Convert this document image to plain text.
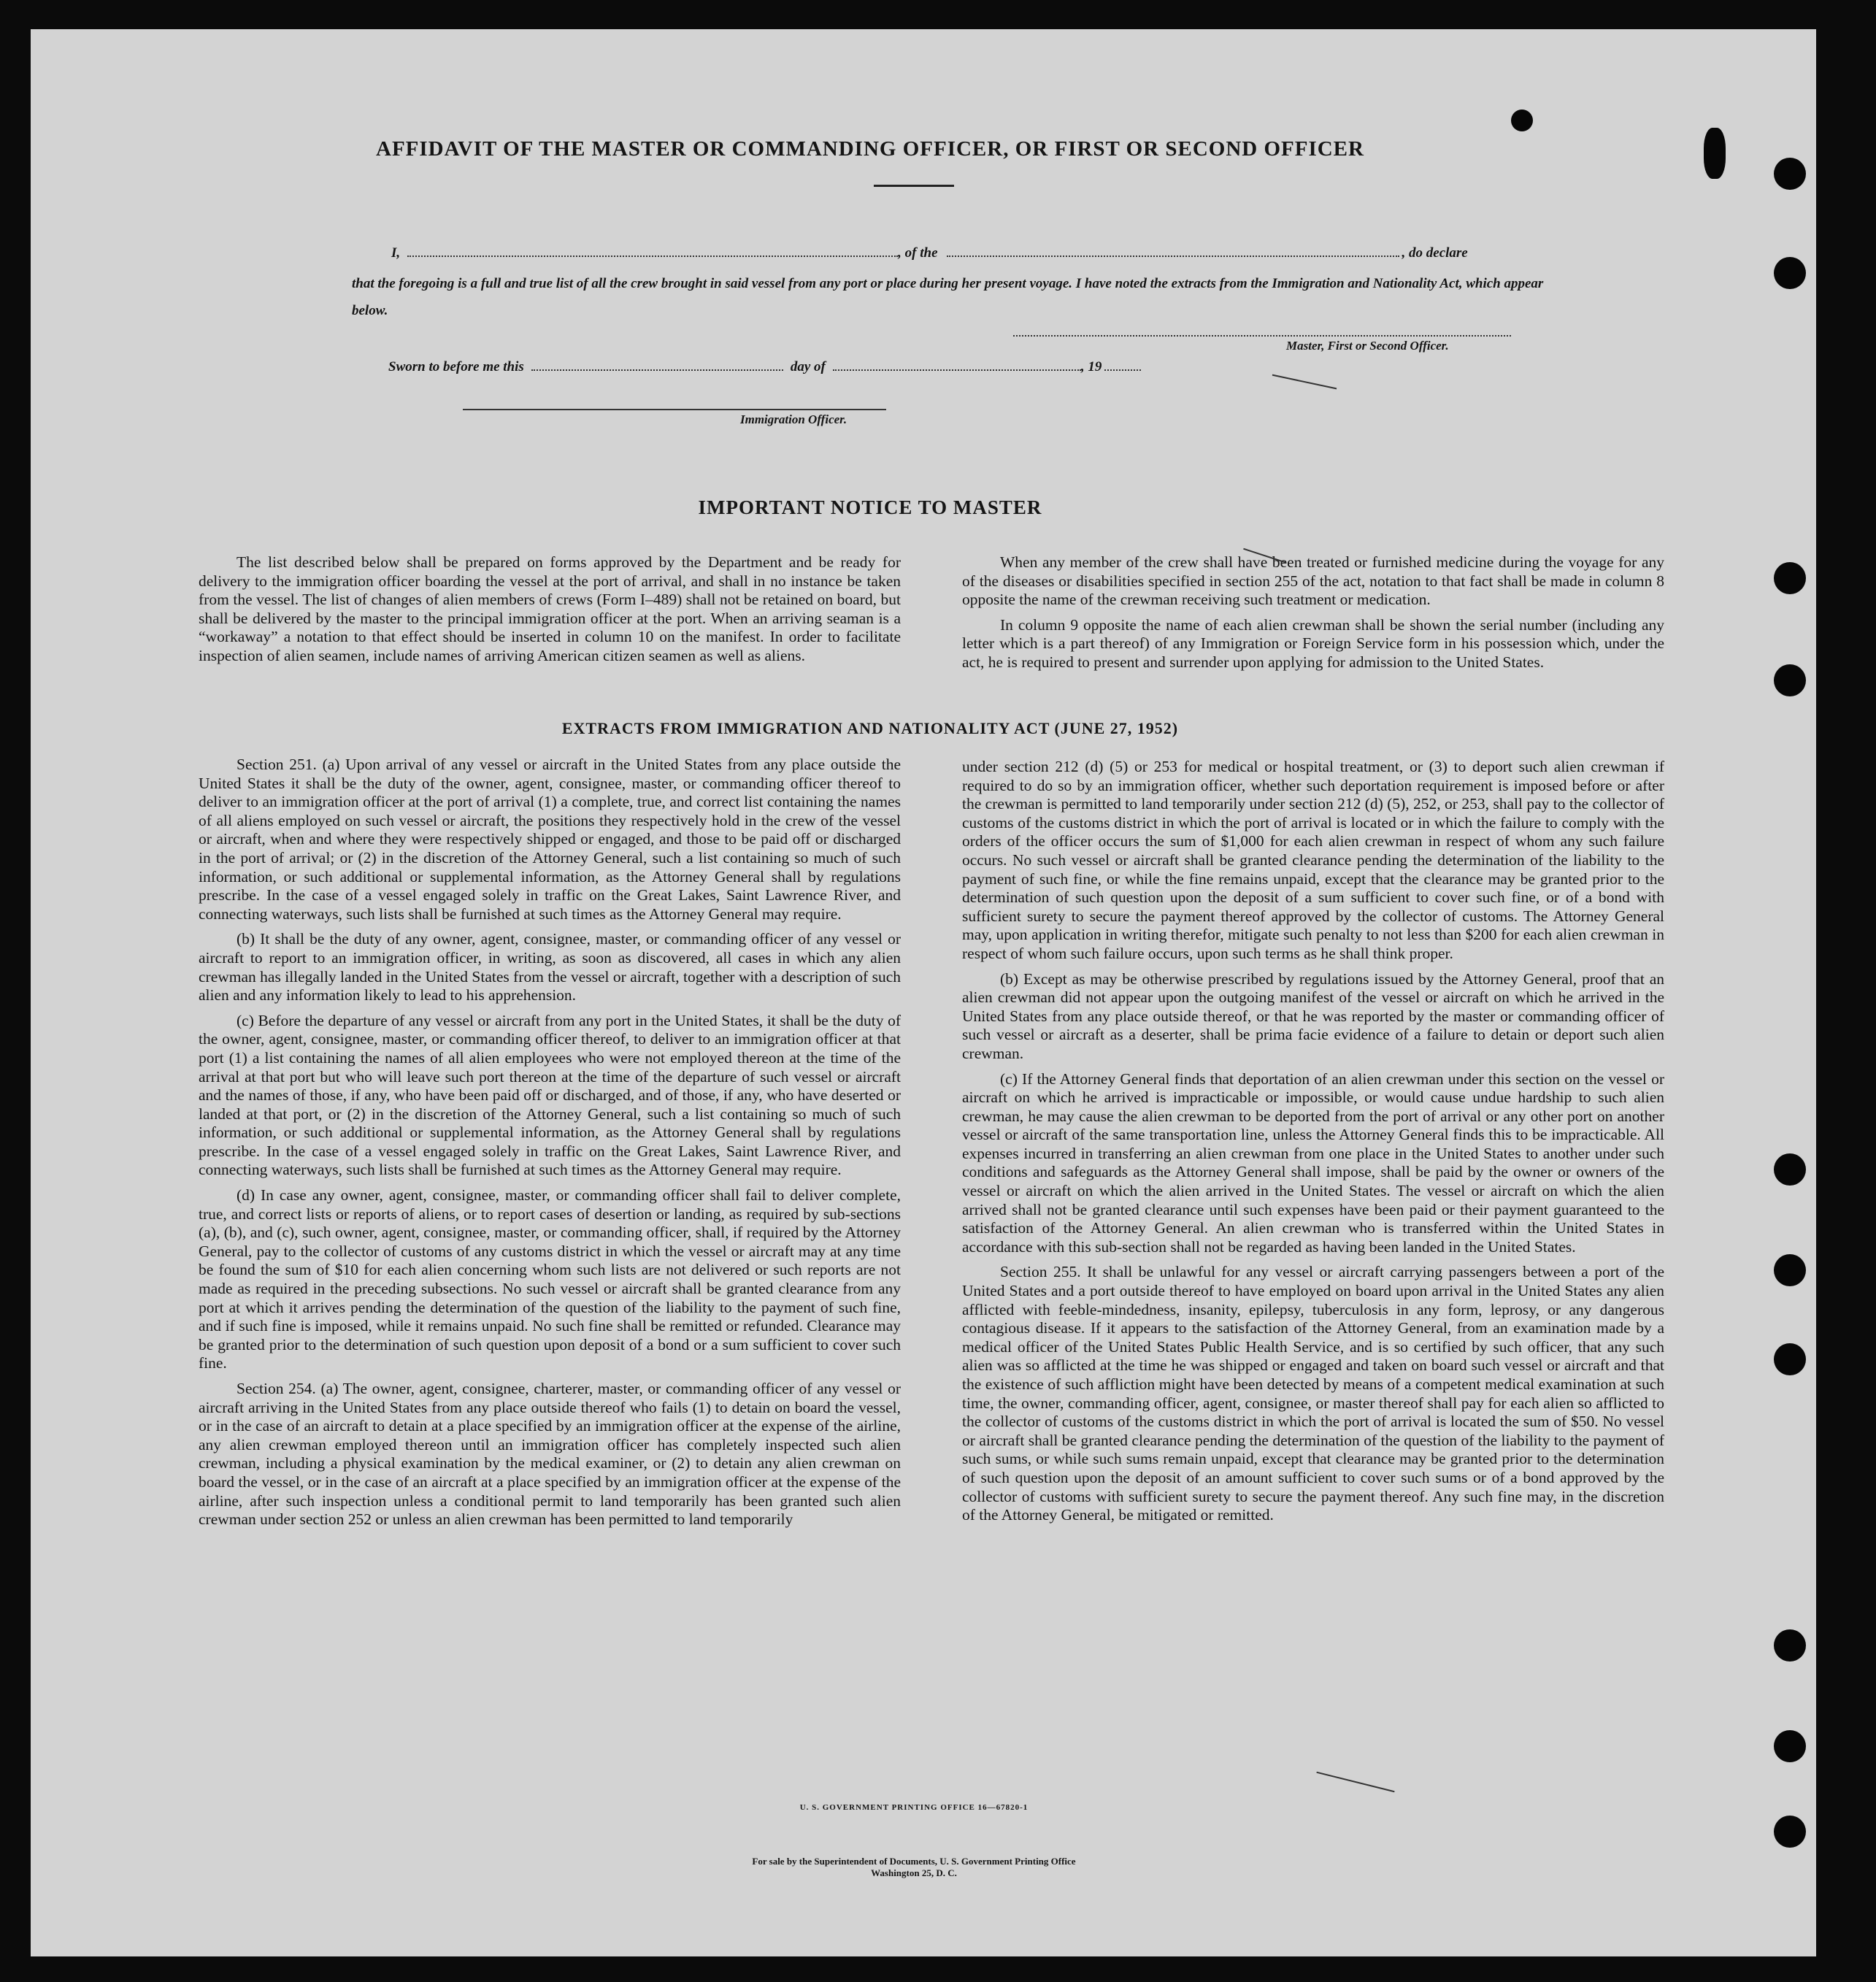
AFFIDAVIT OF THE MASTER OR COMMANDING OFFICER, OR FIRST OR SECOND OFFICER
I,	, of the	, do declare
that the foregoing is a full and true list of all the crew brought in said vessel from any port or place during her present voyage. I have noted the extracts from the Immigration and Nationality Act, which appear below.
Master, First or Second Officer.
Sworn to before me this	day of	, 19
Immigration Officer.
IMPORTANT NOTICE TO MASTER

The list described below shall be prepared on forms approved by the Department and be ready for delivery to the immigration officer boarding the vessel at the port of arrival, and shall in no instance be taken from the vessel. The list of changes of alien members of crews (Form I–489) shall not be retained on board, but shall be delivered by the master to the principal immigration officer at the port. When an arriving seaman is a “workaway” a notation to that effect should be inserted in column 10 on the manifest. In order to facilitate inspection of alien seamen, include names of arriving American citizen seamen as well as aliens.

When any member of the crew shall have been treated or furnished medicine during the voyage for any of the diseases or disabilities specified in section 255 of the act, notation to that fact shall be made in column 8 opposite the name of the crewman receiving such treatment or medication.

In column 9 opposite the name of each alien crewman shall be shown the serial number (including any letter which is a part thereof) of any Immigration or Foreign Service form in his possession which, under the act, he is required to present and surrender upon applying for admission to the United States.

EXTRACTS FROM IMMIGRATION AND NATIONALITY ACT (JUNE 27, 1952)

Section 251. (a) Upon arrival of any vessel or aircraft in the United States from any place outside the United States it shall be the duty of the owner, agent, consignee, master, or commanding officer thereof to deliver to an immigration officer at the port of arrival (1) a complete, true, and correct list containing the names of all aliens employed on such vessel or aircraft, the positions they respectively hold in the crew of the vessel or aircraft, when and where they were respectively shipped or engaged, and those to be paid off or discharged in the port of arrival; or (2) in the discretion of the Attorney General, such a list containing so much of such information, or such additional or supplemental information, as the Attorney General shall by regulations prescribe. In the case of a vessel engaged solely in traffic on the Great Lakes, Saint Lawrence River, and connecting waterways, such lists shall be furnished at such times as the Attorney General may require.

(b) It shall be the duty of any owner, agent, consignee, master, or commanding officer of any vessel or aircraft to report to an immigration officer, in writing, as soon as discovered, all cases in which any alien crewman has illegally landed in the United States from the vessel or aircraft, together with a description of such alien and any information likely to lead to his apprehension.

(c) Before the departure of any vessel or aircraft from any port in the United States, it shall be the duty of the owner, agent, consignee, master, or commanding officer thereof, to deliver to an immigration officer at that port (1) a list containing the names of all alien employees who were not employed thereon at the time of the arrival at that port but who will leave such port thereon at the time of the departure of such vessel or aircraft and the names of those, if any, who have been paid off or discharged, and of those, if any, who have deserted or landed at that port, or (2) in the discretion of the Attorney General, such a list containing so much of such information, or such additional or supplemental information, as the Attorney General shall by regulations prescribe. In the case of a vessel engaged solely in traffic on the Great Lakes, Saint Lawrence River, and connecting waterways, such lists shall be furnished at such times as the Attorney General may require.

(d) In case any owner, agent, consignee, master, or commanding officer shall fail to deliver complete, true, and correct lists or reports of aliens, or to report cases of desertion or landing, as required by sub-sections (a), (b), and (c), such owner, agent, consignee, master, or commanding officer, shall, if required by the Attorney General, pay to the collector of customs of any customs district in which the vessel or aircraft may at any time be found the sum of $10 for each alien concerning whom such lists are not delivered or such reports are not made as required in the preceding subsections. No such vessel or aircraft shall be granted clearance from any port at which it arrives pending the determination of the question of the liability to the payment of such fine, and if such fine is imposed, while it remains unpaid. No such fine shall be remitted or refunded. Clearance may be granted prior to the determination of such question upon deposit of a bond or a sum sufficient to cover such fine.

Section 254. (a) The owner, agent, consignee, charterer, master, or commanding officer of any vessel or aircraft arriving in the United States from any place outside thereof who fails (1) to detain on board the vessel, or in the case of an aircraft to detain at a place specified by an immigration officer at the expense of the airline, any alien crewman employed thereon until an immigration officer has completely inspected such alien crewman, including a physical examination by the medical examiner, or (2) to detain any alien crewman on board the vessel, or in the case of an aircraft at a place specified by an immigration officer at the expense of the airline, after such inspection unless a conditional permit to land temporarily has been granted such alien crewman under section 252 or unless an alien crewman has been permitted to land temporarily

under section 212 (d) (5) or 253 for medical or hospital treatment, or (3) to deport such alien crewman if required to do so by an immigration officer, whether such deportation requirement is imposed before or after the crewman is permitted to land temporarily under section 212 (d) (5), 252, or 253, shall pay to the collector of customs of the customs district in which the port of arrival is located or in which the failure to comply with the orders of the officer occurs the sum of $1,000 for each alien crewman in respect of whom any such failure occurs. No such vessel or aircraft shall be granted clearance pending the determination of the liability to the payment of such fine, or while the fine remains unpaid, except that the clearance may be granted prior to the determination of such question upon the deposit of a sum sufficient to cover such fine, or of a bond with sufficient surety to secure the payment thereof approved by the collector of customs. The Attorney General may, upon application in writing therefor, mitigate such penalty to not less than $200 for each alien crewman in respect of whom such failure occurs, upon such terms as he shall think proper.

(b) Except as may be otherwise prescribed by regulations issued by the Attorney General, proof that an alien crewman did not appear upon the outgoing manifest of the vessel or aircraft on which he arrived in the United States from any place outside thereof, or that he was reported by the master or commanding officer of such vessel or aircraft as a deserter, shall be prima facie evidence of a failure to detain or deport such alien crewman.

(c) If the Attorney General finds that deportation of an alien crewman under this section on the vessel or aircraft on which he arrived is impracticable or impossible, or would cause undue hardship to such alien crewman, he may cause the alien crewman to be deported from the port of arrival or any other port on another vessel or aircraft of the same transportation line, unless the Attorney General finds this to be impracticable. All expenses incurred in transferring an alien crewman from one place in the United States to another under such conditions and safeguards as the Attorney General shall impose, shall be paid by the owner or owners of the vessel or aircraft on which the alien arrived in the United States. The vessel or aircraft on which the alien arrived shall not be granted clearance until such expenses have been paid or their payment guaranteed to the satisfaction of the Attorney General. An alien crewman who is transferred within the United States in accordance with this sub-section shall not be regarded as having been landed in the United States.

Section 255. It shall be unlawful for any vessel or aircraft carrying passengers between a port of the United States and a port outside thereof to have employed on board upon arrival in the United States any alien afflicted with feeble-mindedness, insanity, epilepsy, tuberculosis in any form, leprosy, or any dangerous contagious disease. If it appears to the satisfaction of the Attorney General, from an examination made by a medical officer of the United States Public Health Service, and is so certified by such officer, that any such alien was so afflicted at the time he was shipped or engaged and taken on board such vessel or aircraft and that the existence of such affliction might have been detected by means of a competent medical examination at such time, the owner, commanding officer, agent, consignee, or master thereof shall pay for each alien so afflicted to the collector of customs of the customs district in which the port of arrival is located the sum of $50. No vessel or aircraft shall be granted clearance pending the determination of the question of the liability to the payment of such sums, or while such sums remain unpaid, except that clearance may be granted prior to the determination of such question upon the deposit of an amount sufficient to cover such sums or of a bond approved by the collector of customs with sufficient surety to secure the payment thereof. Any such fine may, in the discretion of the Attorney General, be mitigated or remitted.

U. S. GOVERNMENT PRINTING OFFICE 16—67820-1
For sale by the Superintendent of Documents, U. S. Government Printing Office
Washington 25, D. C.
